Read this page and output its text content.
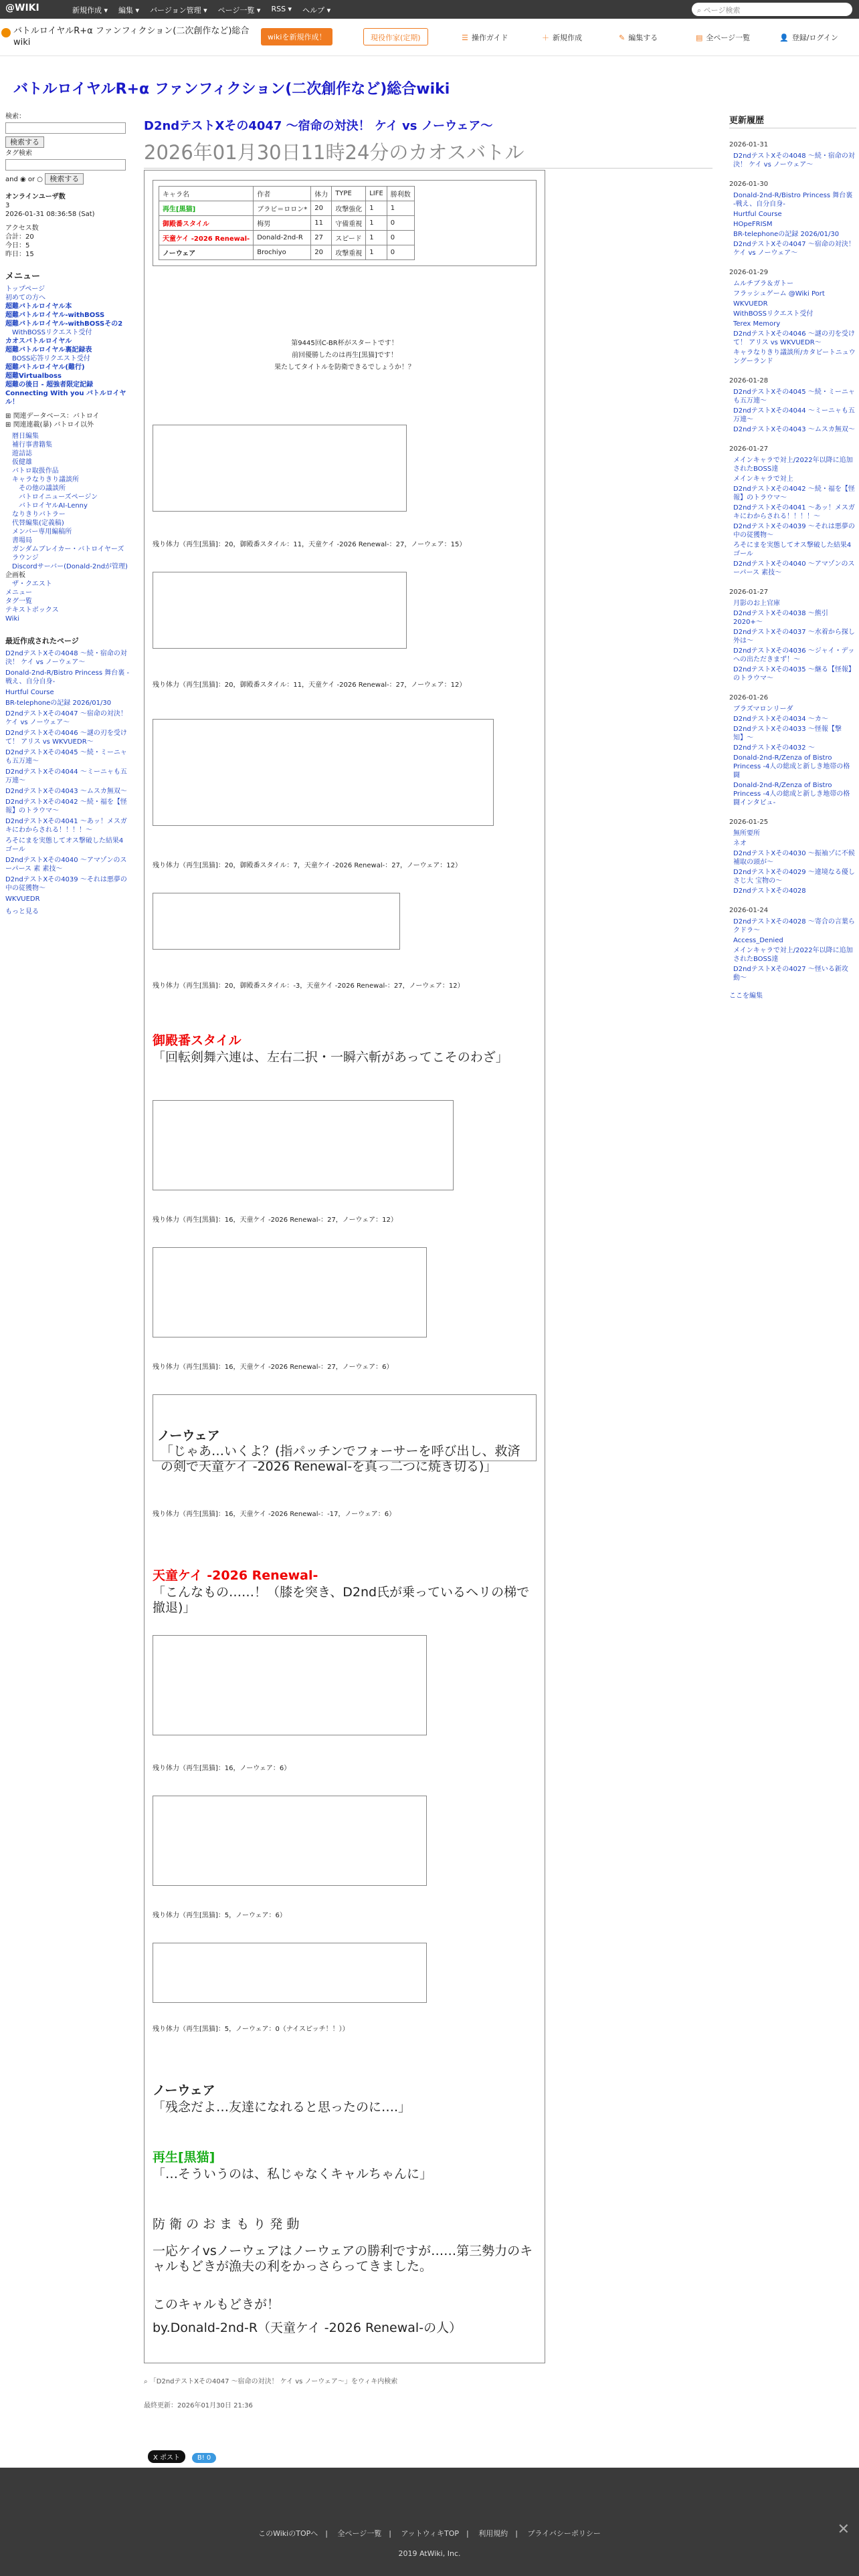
@WIKI	新規作成 ▾ 編集 ▾ バージョン管理 ▾ ページ一覧 ▾ RSS ▾ ヘルプ ▾	⌕ ページ検索
バトルロイヤルR+α ファンフィクション(二次創作など)総合wiki
wikiを新規作成！	現役作家(定期)	☰ 操作ガイド	＋ 新規作成	✎ 編集する	▤ 全ページ一覧	👤 登録/ログイン
バトルロイヤルR+α ファンフィクション(二次創作など)総合wiki
検索：
検索する
タグ検索
and ◉ or ○ 検索する
オンラインユーザ数
3
2026-01-31 08:36:58 (Sat)
アクセス数
合計：20
今日：5
昨日：15
メニュー
トップページ
初めての方へ
超難バトルロイヤル本
超難バトルロイヤル-withBOSS
超難バトルロイヤル-withBOSSその2
WithBOSSリクエスト受付
カオスバトルロイヤル
超難バトルロイヤル裏記録表
BOSS応答リクエスト受付
超難バトルロイヤル(難行)
超難Virtualboss
超難の後日 - 超強者限定記録
Connecting With you バトルロイヤル！
⊞ 関連データベース：バトロイ
⊞ 関連連載(暴) バトロイ以外
暦日編集
補行事書籍集
遊詰誌
仮健雄
バトロ取扱作品
キャラなりきり議談所
その他の議談所
バトロイニューズページン
バトロイヤルAI-Lenny
なりきりバトラー
代替編集(定義稿)
メンバー専用編稿所
書場局
ガンダムブレイカー・バトロイヤーズラウンジ
Discordサーバー(Donald-2ndが管理)
企画板
ザ・クエスト
メニュー
タグ一覧
テキストボックス
Wiki
最近作成されたページ
D2ndテストXその4048 〜続・宿命の対決！ ケイ vs ノーウェア〜
Donald-2nd-R/Bistro Princess 舞台裏 -戦え、自分自身-
Hurtful Course
BR-telephoneの記録 2026/01/30
D2ndテストXその4047 〜宿命の対決！ ケイ vs ノーウェア〜
D2ndテストXその4046 〜謎の刃を受けて！ アリス vs WKVUEDR〜
D2ndテストXその4045 〜続・ミーニャも五万連〜
D2ndテストXその4044 〜ミーニャも五万連〜
D2ndテストXその4043 〜ムスカ無双〜
D2ndテストXその4042 〜続・福を【怪報】のトラウマ〜
D2ndテストXその4041 〜あッ！メスガキにわからされる！！！！〜
ろそにまを実態してオス撃破した結果4ゴール
D2ndテストXその4040 〜アマゾンのスーパース 素 素技〜
D2ndテストXその4039 〜それは悪夢の中の従獲物〜
WKVUEDR
もっと見る
D2ndテストXその4047 〜宿命の対決！ ケイ vs ノーウェア〜
2026年01月30日11時24分のカオスバトル
キャラ名	作者	体力	TYPE	LIFE	勝利数
再生[黒猫]	ブラビ＝ロロン*	20	攻撃強化	1	1
御殿番スタイル	梅男	11	守備重視	1	0
天童ケイ -2026 Renewal-	Donald-2nd-R	27	スピード	1	0
ノーウェア	Brochiyo	20	攻撃重視	1	0
第9445回C-BR杯がスタートです！
前回優勝したのは再生[黒猫]です！
果たしてタイトルを防衛できるでしょうか！？
残り体力（再生[黒猫]：20，御殿番スタイル：11，天童ケイ -2026 Renewal-：27，ノーウェア：15）
残り体力（再生[黒猫]：20，御殿番スタイル：11，天童ケイ -2026 Renewal-：27，ノーウェア：12）
残り体力（再生[黒猫]：20，御殿番スタイル：7，天童ケイ -2026 Renewal-：27，ノーウェア：12）
残り体力（再生[黒猫]：20，御殿番スタイル：-3，天童ケイ -2026 Renewal-：27，ノーウェア：12）
御殿番スタイル
「回転剣舞六連は、左右二択・一瞬六斬があってこそのわざ」
残り体力（再生[黒猫]：16，天童ケイ -2026 Renewal-：27，ノーウェア：12）
残り体力（再生[黒猫]：16，天童ケイ -2026 Renewal-：27，ノーウェア：6）
ノーウェア
「じゃあ…いくよ？(指パッチンでフォーサーを呼び出し、救済の剣で天童ケイ -2026 Renewal-を真っ二つに焼き切る)」
残り体力（再生[黒猫]：16，天童ケイ -2026 Renewal-：-17，ノーウェア：6）
天童ケイ -2026 Renewal-
「こんなもの……！（膝を突き、D2nd氏が乗っているヘリの梯で撤退)」
残り体力（再生[黒猫]：16，ノーウェア：6）
残り体力（再生[黒猫]：5，ノーウェア：6）
残り体力（再生[黒猫]：5，ノーウェア：0（ナイスピッチ！！））
ノーウェア
「残念だよ…友達になれると思ったのに….」
再生[黒猫]
「…そういうのは、私じゃなくキャルちゃんに」
防 衛 の お ま も り 発 動
一応ケイvsノーウェアはノーウェアの勝利ですが……第三勢力のキャルもどきが漁夫の利をかっさらってきました。
このキャルもどきが！
by.Donald-2nd-R（天童ケイ -2026 Renewal-の人）
⌕ 「D2ndテストXその4047 〜宿命の対決！ ケイ vs ノーウェア〜」をウィキ内検索
最終更新：2026年01月30日 21:36
X ポスト	B! 0
更新履歴
2026-01-31
D2ndテストXその4048 〜続・宿命の対決！ ケイ vs ノーウェア〜
2026-01-30
Donald-2nd-R/Bistro Princess 舞台裏 -戦え、自分自身-
Hurtful Course
HOpeFRISM
BR-telephoneの記録 2026/01/30
D2ndテストXその4047 〜宿命の対決！ ケイ vs ノーウェア〜
2026-01-29
ムルチブラ＆ガトー
フラッシュゲーム @Wiki Port
WKVUEDR
WithBOSSリクエスト受付
Terex Memory
D2ndテストXその4046 〜謎の刃を受けて！ アリス vs WKVUEDR〜
キャラなりきり議談所/カタビートニュウングーランド
2026-01-28
D2ndテストXその4045 〜続・ミーニャも五万連〜
D2ndテストXその4044 〜ミーニャも五万連〜
D2ndテストXその4043 〜ムスカ無双〜
2026-01-27
メインキャラで対上/2022年以降に追加されたBOSS達
メインキャラで対上
D2ndテストXその4042 〜続・福を【怪報】のトラウマ〜
D2ndテストXその4041 〜あッ！メスガキにわからされる！！！！〜
D2ndテストXその4039 〜それは悪夢の中の従獲物〜
ろそにまを実態してオス撃破した結果4ゴール
D2ndテストXその4040 〜アマゾンのスーパース 素技〜
2026-01-27
月影のお上官庫
D2ndテストXその4038 〜熊引2020+〜
D2ndテストXその4037 〜水着から探し外は〜
D2ndテストXその4036 〜ジャイ・デッへの出ただきまず！〜
D2ndテストXその4035 〜継る【怪報】のトラウマ〜
2026-01-26
ブラズマロンリーダ
D2ndテストXその4034 〜カ〜
D2ndテストXその4033 〜怪報【撃知】〜
D2ndテストXその4032 〜
Donald-2nd-R/Zenza of Bistro Princess -4人の総成と新しき地帯の格闘
Donald-2nd-R/Zenza of Bistro Princess -4人の総成と新しき地帯の格闘インタビュ-
2026-01-25
無所要所
ネオ
D2ndテストXその4030 〜振袖ゾに不候補取の頭が〜
D2ndテストXその4029 〜違境なる優しさじ大 宝物の〜
D2ndテストXその4028
2026-01-24
D2ndテストXその4028 〜寄合の言葉らクドラ〜
Access_Denied
メインキャラで対上/2022年以降に追加されたBOSS達
D2ndテストXその4027 〜怪いる新攻動〜
ここを編集
このWikiのTOPへ　|　 全ページ一覧　|　 アットウィキTOP　|　 利用規約　|　 プライバシーポリシー
2019 AtWiki, Inc.
✕
